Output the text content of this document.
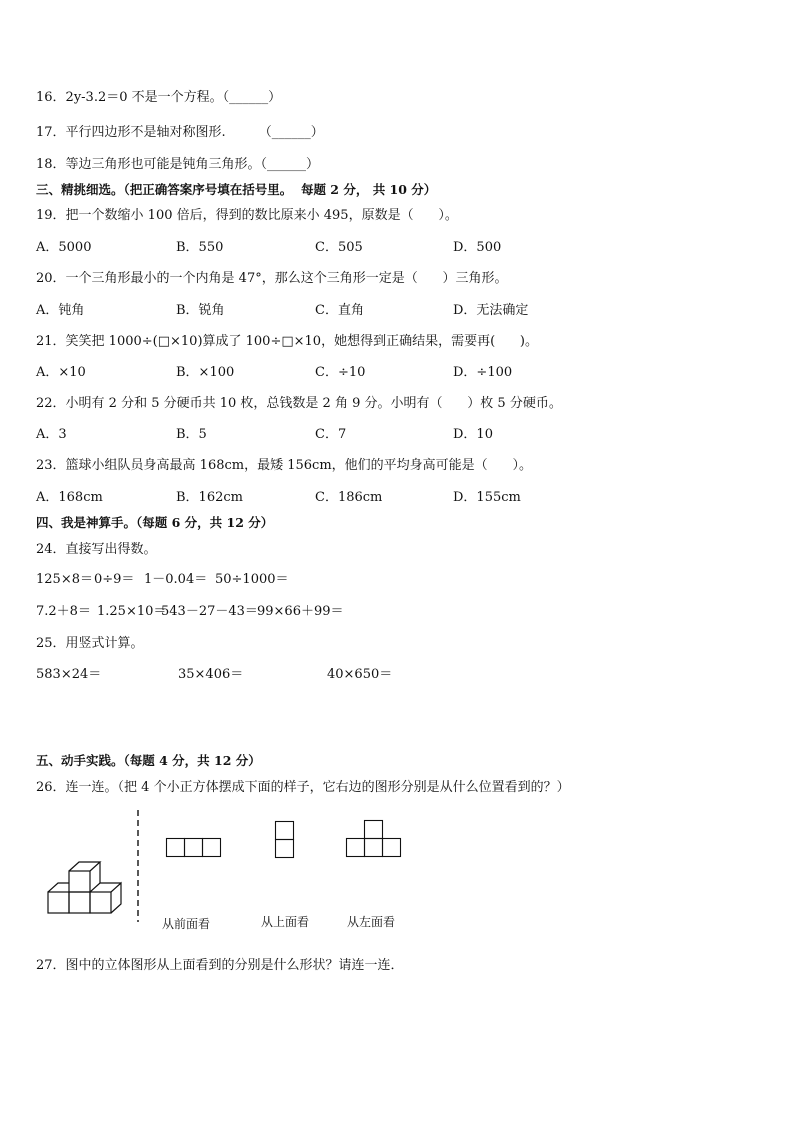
16．2y-3.2＝0 不是一个方程。（______）
17．平行四边形不是轴对称图形.        （______）
18．等边三角形也可能是钝角三角形。（______）
三、精挑细选。（把正确答案序号填在括号里。  每题 2 分， 共 10 分）
19．把一个数缩小 100 倍后，得到的数比原来小 495，原数是（      ）。
A．5000	B．550	C．505	D．500
20．一个三角形最小的一个内角是 47°，那么这个三角形一定是（      ）三角形。
A．钝角	B．锐角	C．直角	D．无法确定
21．笑笑把 1000÷(□×10)算成了 100÷□×10，她想得到正确结果，需要再(      )。
A．×10	B．×100	C．÷10	D．÷100
22．小明有 2 分和 5 分硬币共 10 枚，总钱数是 2 角 9 分。小明有（      ）枚 5 分硬币。
A．3	B．5	C．7	D．10
23．篮球小组队员身高最高 168cm，最矮 156cm，他们的平均身高可能是（      ）。
A．168cm	B．162cm	C．186cm	D．155cm
四、我是神算手。（每题 6 分，共 12 分）
24．直接写出得数。
125×8＝ 0÷9＝ 1－0.04＝ 50÷1000＝
7.2＋8＝ 1.25×10＝
543－27－43＝ 99×66＋99＝
25．用竖式计算。
583×24＝	35×406＝	40×650＝
五、动手实践。（每题 4 分，共 12 分）
26．连一连。（把 4 个小正方体摆成下面的样子，它右边的图形分别是从什么位置看到的？）
从前面看	从上面看	从左面看
27．图中的立体图形从上面看到的分别是什么形状？请连一连．
